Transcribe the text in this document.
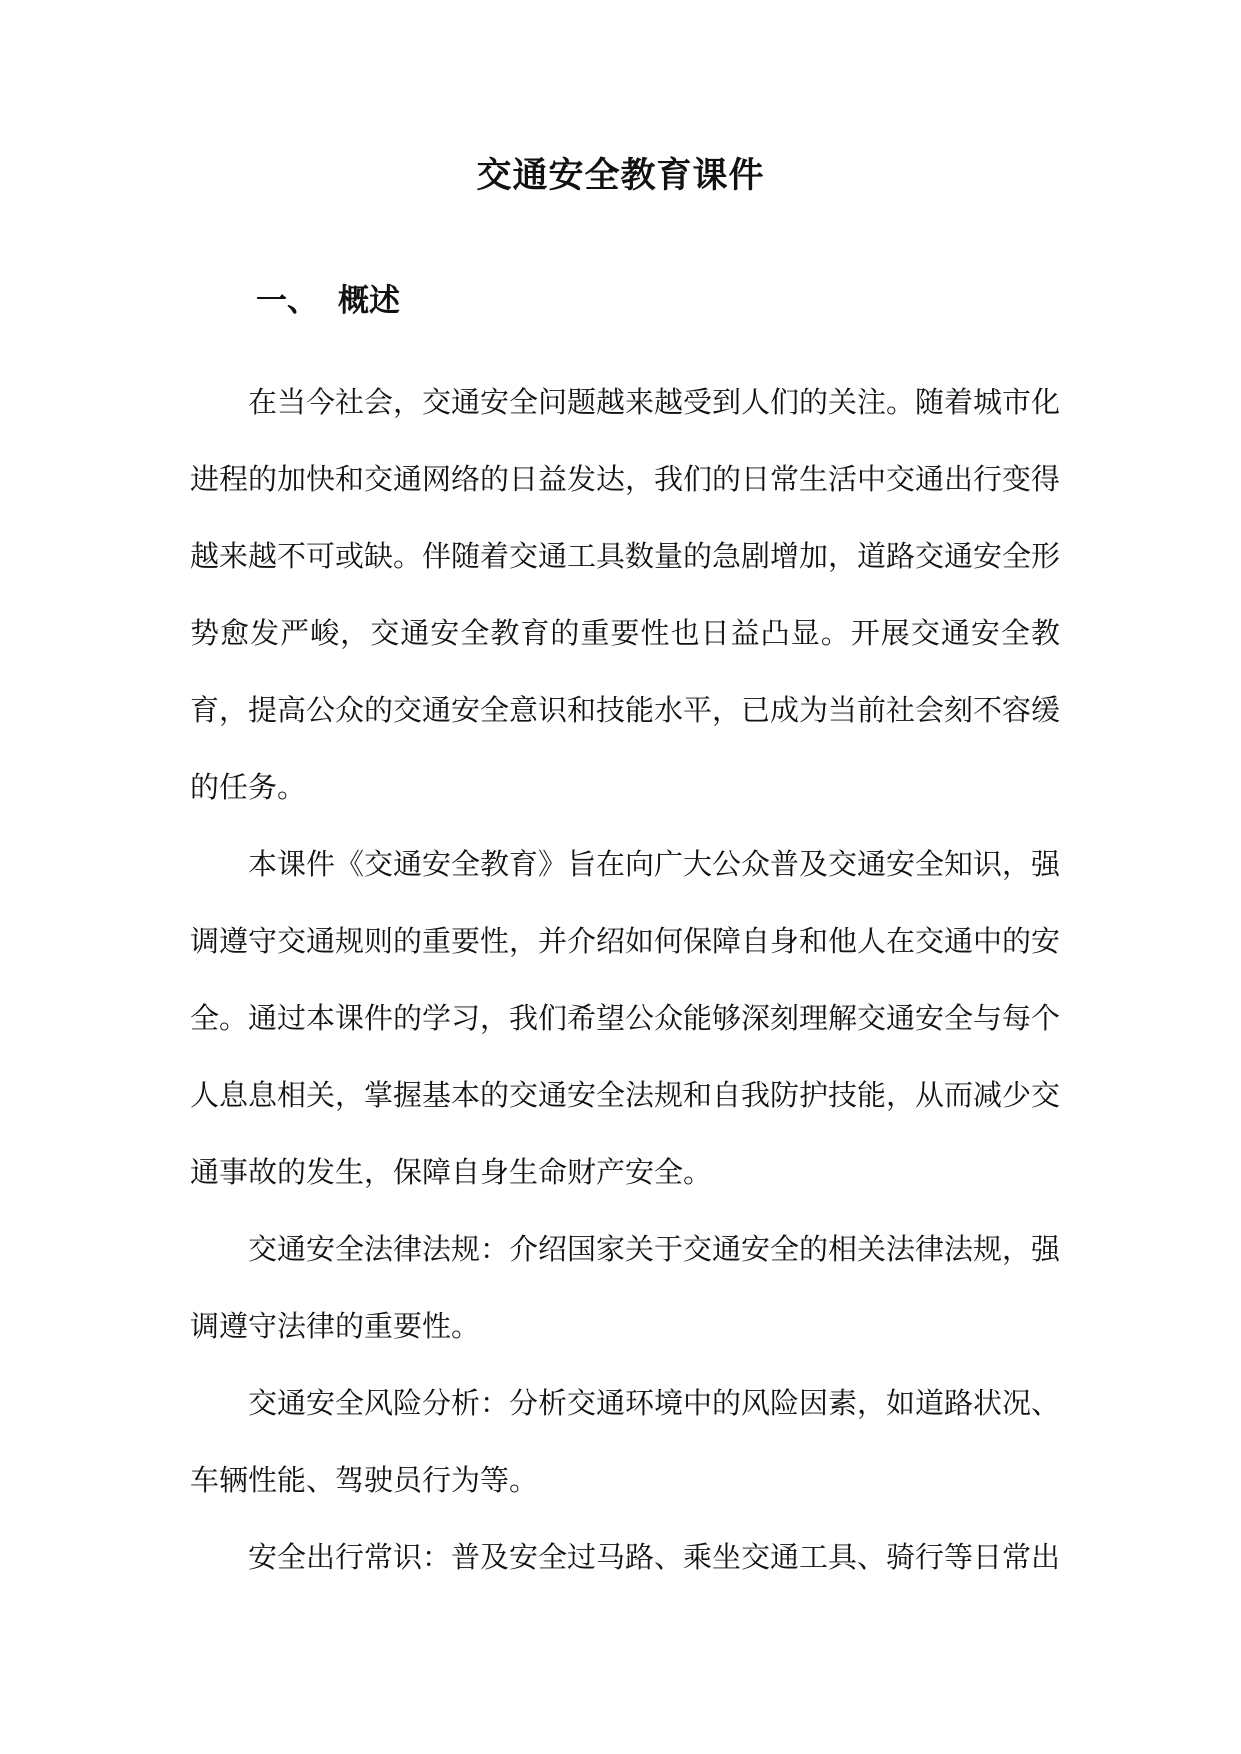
交通安全教育课件
一、 概述

在当今社会，交通安全问题越来越受到人们的关注。随着城市化进程的加快和交通网络的日益发达，我们的日常生活中交通出行变得越来越不可或缺。伴随着交通工具数量的急剧增加，道路交通安全形势愈发严峻，交通安全教育的重要性也日益凸显。开展交通安全教育，提高公众的交通安全意识和技能水平，已成为当前社会刻不容缓的任务。

本课件《交通安全教育》旨在向广大公众普及交通安全知识，强调遵守交通规则的重要性，并介绍如何保障自身和他人在交通中的安全。通过本课件的学习，我们希望公众能够深刻理解交通安全与每个人息息相关，掌握基本的交通安全法规和自我防护技能，从而减少交通事故的发生，保障自身生命财产安全。

交通安全法律法规：介绍国家关于交通安全的相关法律法规，强调遵守法律的重要性。

交通安全风险分析：分析交通环境中的风险因素，如道路状况、车辆性能、驾驶员行为等。

安全出行常识：普及安全过马路、乘坐交通工具、骑行等日常出
